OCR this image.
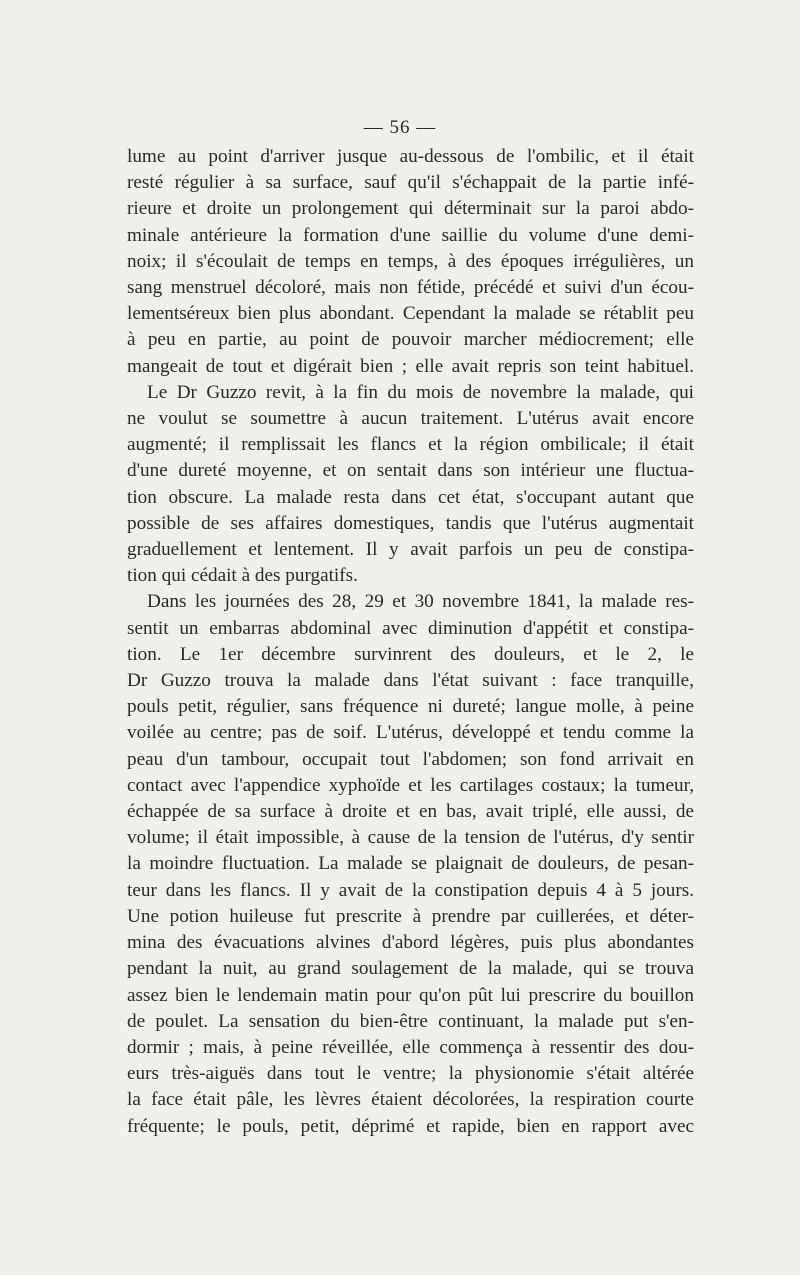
— 56 —

lume au point d'arriver jusque au-dessous de l'ombilic, et il était
resté régulier à sa surface, sauf qu'il s'échappait de la partie infé-
rieure et droite un prolongement qui déterminait sur la paroi abdo-
minale antérieure la formation d'une saillie du volume d'une demi-
noix; il s'écoulait de temps en temps, à des époques irrégulières, un
sang menstruel décoloré, mais non fétide, précédé et suivi d'un écou-
lementséreux bien plus abondant. Cependant la malade se rétablit peu
à peu en partie, au point de pouvoir marcher médiocrement; elle
mangeait de tout et digérait bien ; elle avait repris son teint habituel.

Le Dr Guzzo revit, à la fin du mois de novembre la malade, qui
ne voulut se soumettre à aucun traitement. L'utérus avait encore
augmenté; il remplissait les flancs et la région ombilicale; il était
d'une dureté moyenne, et on sentait dans son intérieur une fluctua-
tion obscure. La malade resta dans cet état, s'occupant autant que
possible de ses affaires domestiques, tandis que l'utérus augmentait
graduellement et lentement. Il y avait parfois un peu de constipa-
tion qui cédait à des purgatifs.

Dans les journées des 28, 29 et 30 novembre 1841, la malade res-
sentit un embarras abdominal avec diminution d'appétit et constipa-
tion. Le 1er décembre survinrent des douleurs, et le 2, le
Dr Guzzo trouva la malade dans l'état suivant : face tranquille,
pouls petit, régulier, sans fréquence ni dureté; langue molle, à peine
voilée au centre; pas de soif. L'utérus, développé et tendu comme la
peau d'un tambour, occupait tout l'abdomen; son fond arrivait en
contact avec l'appendice xyphoïde et les cartilages costaux; la tumeur,
échappée de sa surface à droite et en bas, avait triplé, elle aussi, de
volume; il était impossible, à cause de la tension de l'utérus, d'y sentir
la moindre fluctuation. La malade se plaignait de douleurs, de pesan-
teur dans les flancs. Il y avait de la constipation depuis 4 à 5 jours.
Une potion huileuse fut prescrite à prendre par cuillerées, et déter-
mina des évacuations alvines d'abord légères, puis plus abondantes
pendant la nuit, au grand soulagement de la malade, qui se trouva
assez bien le lendemain matin pour qu'on pût lui prescrire du bouillon
de poulet. La sensation du bien-être continuant, la malade put s'en-
dormir ; mais, à peine réveillée, elle commença à ressentir des dou-
eurs très-aiguës dans tout le ventre; la physionomie s'était altérée
la face était pâle, les lèvres étaient décolorées, la respiration courte
fréquente; le pouls, petit, déprimé et rapide, bien en rapport avec
